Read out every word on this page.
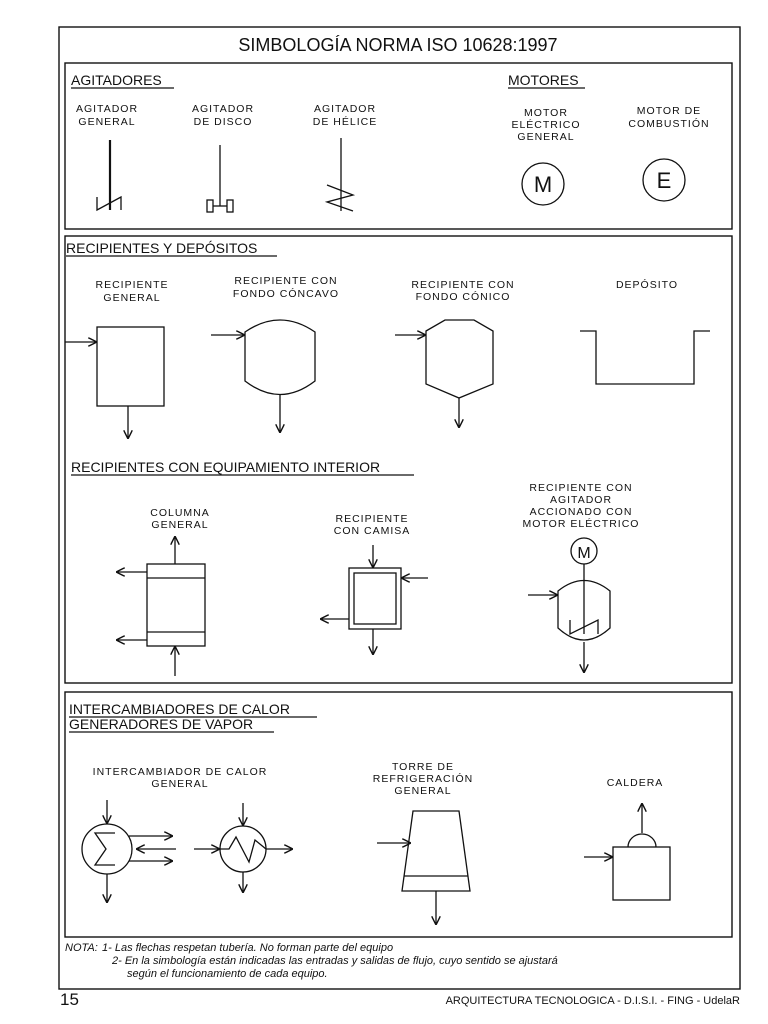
SIMBOLOGÍA NORMA ISO 10628:1997
AGITADORES	MOTORES
AGITADOR
GENERAL
AGITADOR
DE DISCO
AGITADOR
DE HÉLICE
MOTOR
ELÉCTRICO
GENERAL
MOTOR DE
COMBUSTIÓN
M	E
RECIPIENTES Y DEPÓSITOS
RECIPIENTE
GENERAL
RECIPIENTE CON
FONDO CÓNCAVO
RECIPIENTE CON
FONDO CÓNICO
DEPÓSITO
RECIPIENTES CON EQUIPAMIENTO INTERIOR
COLUMNA
GENERAL	RECIPIENTE
CON CAMISA
RECIPIENTE CON
AGITADOR
ACCIONADO CON
MOTOR ELÉCTRICO
M
INTERCAMBIADORES DE CALOR
GENERADORES DE VAPOR
INTERCAMBIADOR DE CALOR
GENERAL
TORRE DE
REFRIGERACIÓN
GENERAL
CALDERA
NOTA: 1- Las flechas respetan tubería. No forman parte del equipo
2- En la simbología están indicadas las entradas y salidas de flujo, cuyo sentido se ajustará
según el funcionamiento de cada equipo.
15	ARQUITECTURA TECNOLOGICA - D.I.S.I. - FING - UdelaR
